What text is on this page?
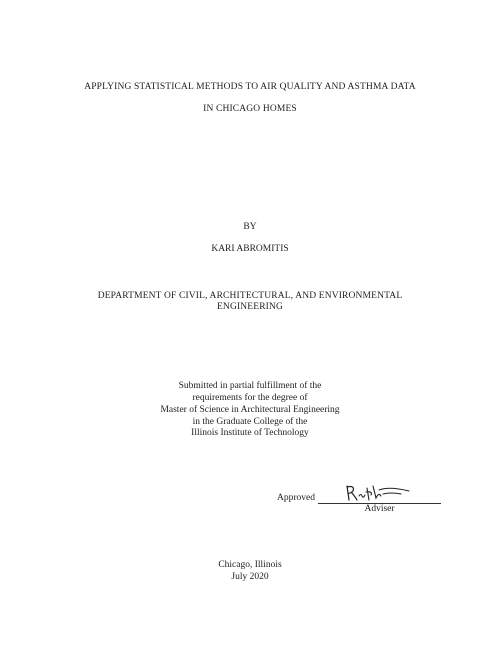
APPLYING STATISTICAL METHODS TO AIR QUALITY AND ASTHMA DATA
IN CHICAGO HOMES
BY
KARI ABROMITIS
DEPARTMENT OF CIVIL, ARCHITECTURAL, AND ENVIRONMENTAL
ENGINEERING
Submitted in partial fulfillment of the
requirements for the degree of
Master of Science in Architectural Engineering
in the Graduate College of the
Illinois Institute of Technology
Approved
Adviser
Chicago, Illinois
July 2020
